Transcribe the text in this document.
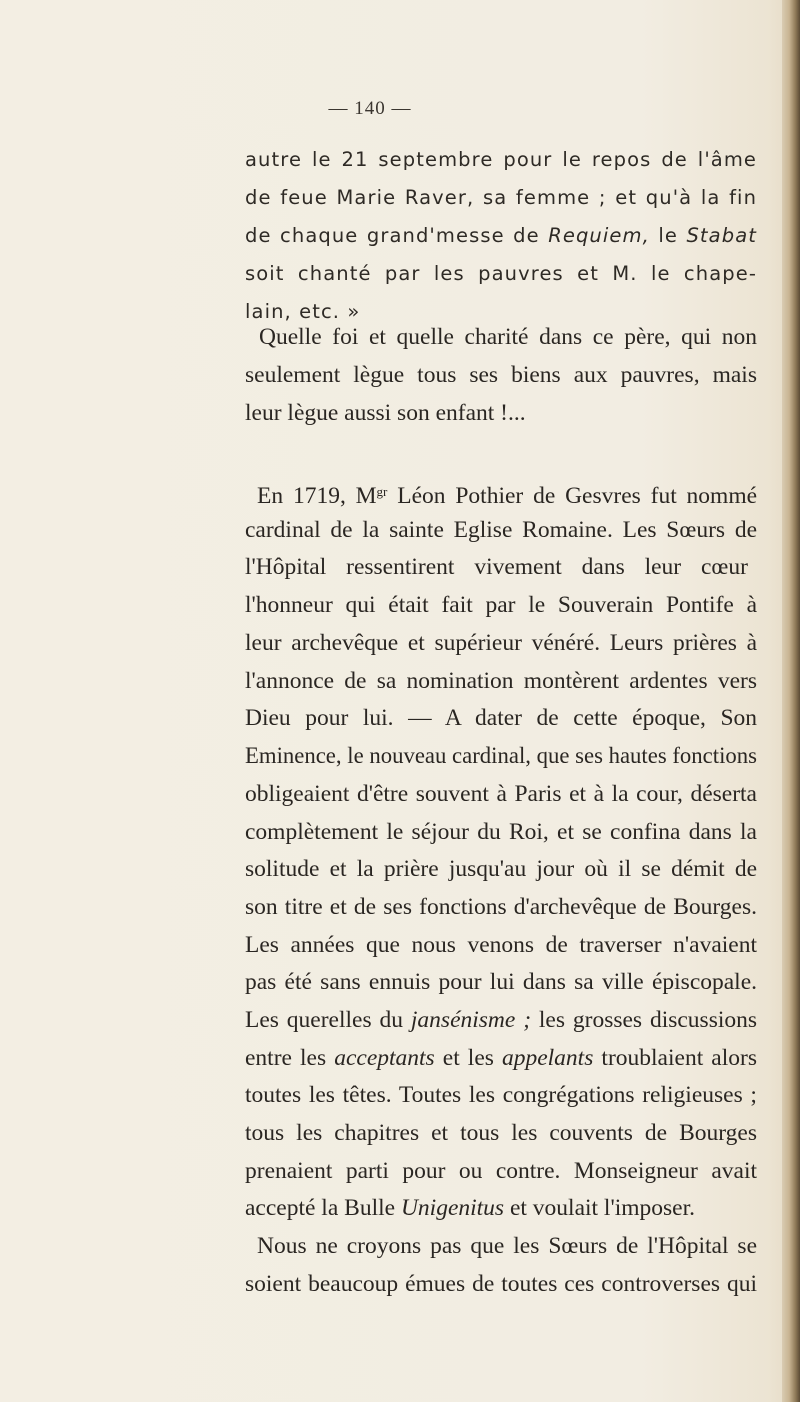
— 140 —
autre le 21 septembre pour le repos de l'âme
de feue Marie Raver, sa femme ; et qu'à la fin
de chaque grand'messe de Requiem, le Stabat
soit chanté par les pauvres et M. le chape-
lain, etc. »
Quelle foi et quelle charité dans ce père, qui non
seulement lègue tous ses biens aux pauvres, mais
leur lègue aussi son enfant !...
En 1719, $M^{gr}$ Léon Pothier de Gesvres fut nommé
cardinal de la sainte Eglise Romaine. Les Sœurs de
l'Hôpital ressentirent vivement dans leur cœur
l'honneur qui était fait par le Souverain Pontife à
leur archevêque et supérieur vénéré. Leurs prières à
l'annonce de sa nomination montèrent ardentes vers
Dieu pour lui. — A dater de cette époque, Son
Eminence, le nouveau cardinal, que ses hautes fonctions
obligeaient d'être souvent à Paris et à la cour, déserta
complètement le séjour du Roi, et se confina dans la
solitude et la prière jusqu'au jour où il se démit de
son titre et de ses fonctions d'archevêque de Bourges.
Les années que nous venons de traverser n'avaient
pas été sans ennuis pour lui dans sa ville épiscopale.
Les querelles du jansénisme ; les grosses discussions
entre les acceptants et les appelants troublaient alors
toutes les têtes. Toutes les congrégations religieuses ;
tous les chapitres et tous les couvents de Bourges
prenaient parti pour ou contre. Monseigneur avait
accepté la Bulle Unigenitus et voulait l'imposer.
Nous ne croyons pas que les Sœurs de l'Hôpital se
soient beaucoup émues de toutes ces controverses qui
